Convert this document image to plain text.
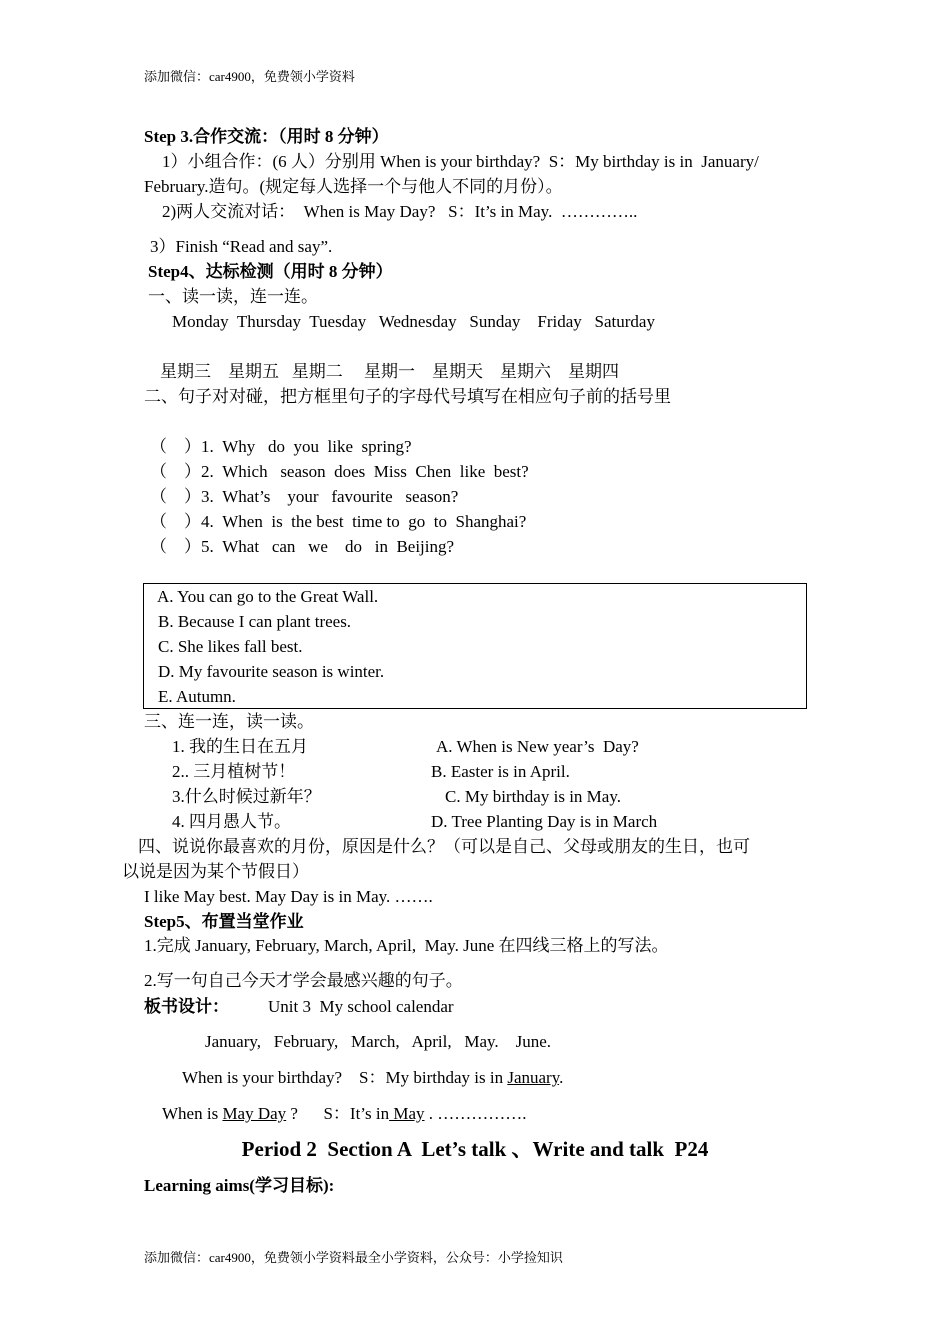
添加微信：car4900，免费领小学资料
Step 3.合作交流：（用时 8 分钟）
1）小组合作：(6 人）分别用 When is your birthday?  S：My birthday is in  January/
February.造句。(规定每人选择一个与他人不同的月份）。
2)两人交流对话：  When is May Day?   S：It’s in May.  …………..
3）Finish “Read and say”.
Step4、达标检测（用时 8 分钟）
一、读一读，连一连。
Monday  Thursday  Tuesday   Wednesday   Sunday    Friday   Saturday
星期三    星期五   星期二     星期一    星期天    星期六    星期四
二、句子对对碰，把方框里句子的字母代号填写在相应句子前的括号里
（    ）1.  Why   do  you  like  spring?
（    ）2.  Which   season  does  Miss  Chen  like  best?
（    ）3.  What’s    your   favourite   season?
（    ）4.  When  is  the best  time to  go  to  Shanghai?
（    ）5.  What   can   we    do   in  Beijing?
A. You can go to the Great Wall.
B. Because I can plant trees.
C. She likes fall best.
D. My favourite season is winter.
E. Autumn.
三、连一连，读一读。
1. 我的生日在五月
2.. 三月植树节！
3.什么时候过新年？
4. 四月愚人节。
A. When is New year’s  Day?
B. Easter is in April.
C. My birthday is in May.
D. Tree Planting Day is in March
四、说说你最喜欢的月份，原因是什么？（可以是自己、父母或朋友的生日，也可
以说是因为某个节假日）
I like May best. May Day is in May. …….
Step5、布置当堂作业
1.完成 January, February, March, April,  May. June 在四线三格上的写法。
2.写一句自己今天才学会最感兴趣的句子。
板书设计： Unit 3  My school calendar
January,   February,   March,   April,   May.    June.
When is your birthday?    S：My birthday is in January.
When is May Day ?      S：It’s in May . …………….
Period 2  Section A  Let’s talk 、Write and talk  P24
Learning aims(学习目标):
添加微信：car4900，免费领小学资料最全小学资料，公众号：小学捡知识
